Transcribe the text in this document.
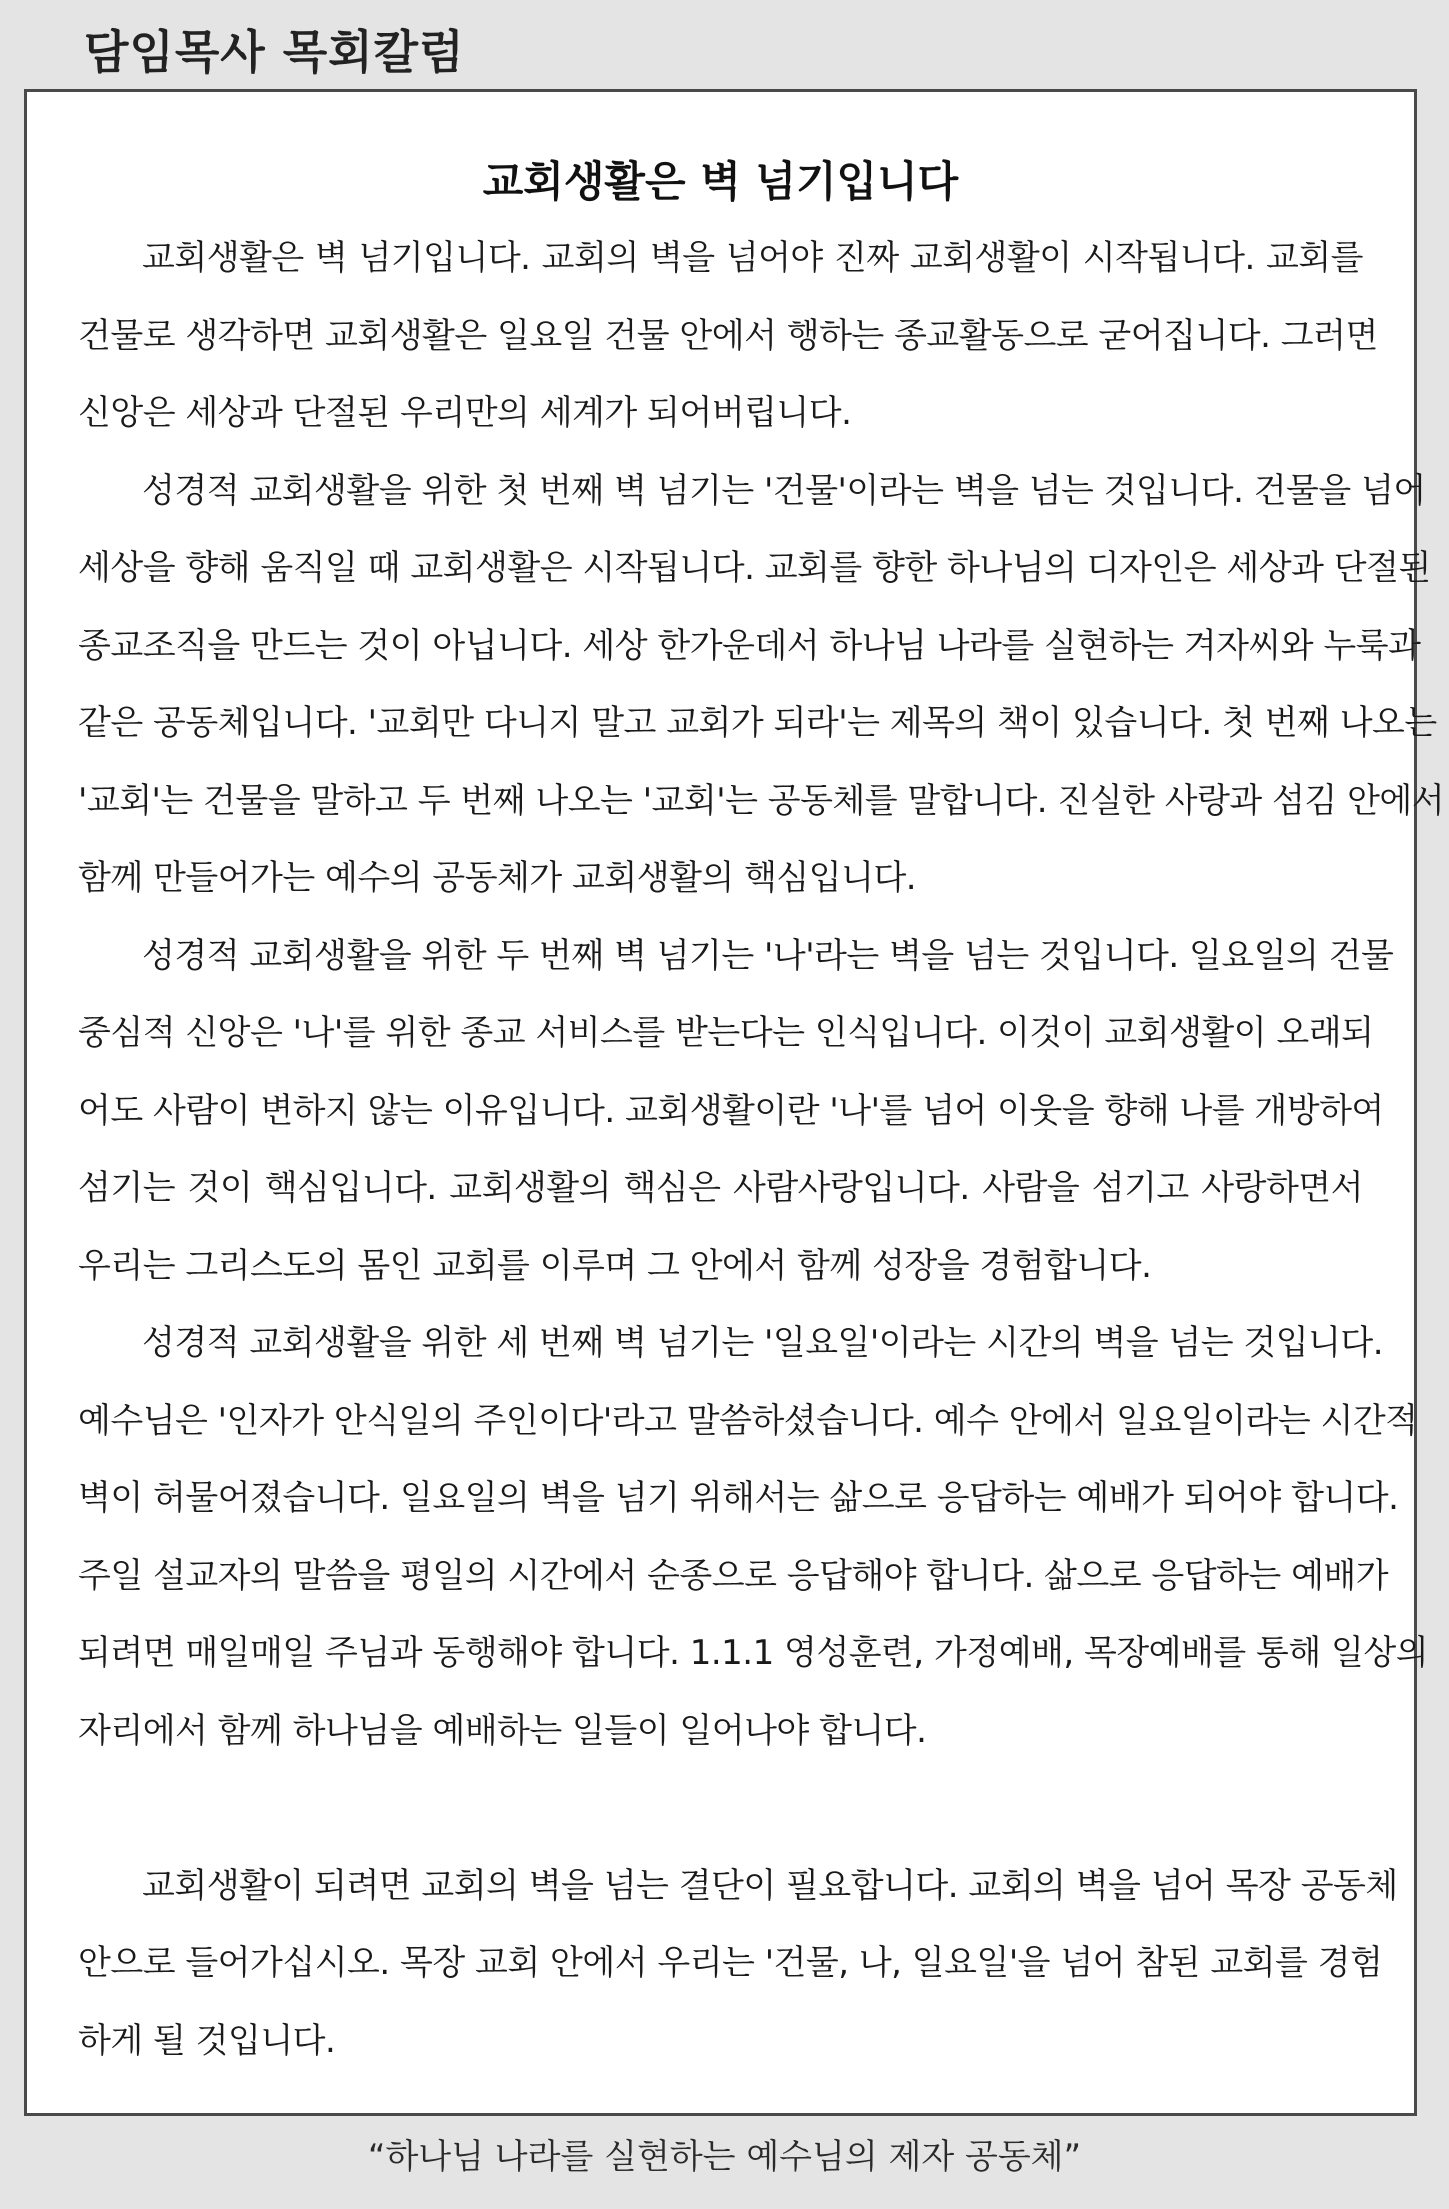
담임목사 목회칼럼
교회생활은 벽 넘기입니다
교회생활은 벽 넘기입니다. 교회의 벽을 넘어야 진짜 교회생활이 시작됩니다. 교회를
건물로 생각하면 교회생활은 일요일 건물 안에서 행하는 종교활동으로 굳어집니다. 그러면
신앙은 세상과 단절된 우리만의 세계가 되어버립니다.
성경적 교회생활을 위한 첫 번째 벽 넘기는 '건물'이라는 벽을 넘는 것입니다. 건물을 넘어
세상을 향해 움직일 때 교회생활은 시작됩니다. 교회를 향한 하나님의 디자인은 세상과 단절된
종교조직을 만드는 것이 아닙니다. 세상 한가운데서 하나님 나라를 실현하는 겨자씨와 누룩과
같은 공동체입니다. '교회만 다니지 말고 교회가 되라'는 제목의 책이 있습니다. 첫 번째 나오는
'교회'는 건물을 말하고 두 번째 나오는 '교회'는 공동체를 말합니다. 진실한 사랑과 섬김 안에서
함께 만들어가는 예수의 공동체가 교회생활의 핵심입니다.
성경적 교회생활을 위한 두 번째 벽 넘기는 '나'라는 벽을 넘는 것입니다. 일요일의 건물
중심적 신앙은 '나'를 위한 종교 서비스를 받는다는 인식입니다. 이것이 교회생활이 오래되
어도 사람이 변하지 않는 이유입니다. 교회생활이란 '나'를 넘어 이웃을 향해 나를 개방하여
섬기는 것이 핵심입니다. 교회생활의 핵심은 사람사랑입니다. 사람을 섬기고 사랑하면서
우리는 그리스도의 몸인 교회를 이루며 그 안에서 함께 성장을 경험합니다.
성경적 교회생활을 위한 세 번째 벽 넘기는 '일요일'이라는 시간의 벽을 넘는 것입니다.
예수님은 '인자가 안식일의 주인이다'라고 말씀하셨습니다. 예수 안에서 일요일이라는 시간적
벽이 허물어졌습니다. 일요일의 벽을 넘기 위해서는 삶으로 응답하는 예배가 되어야 합니다.
주일 설교자의 말씀을 평일의 시간에서 순종으로 응답해야 합니다. 삶으로 응답하는 예배가
되려면 매일매일 주님과 동행해야 합니다. 1.1.1 영성훈련, 가정예배, 목장예배를 통해 일상의
자리에서 함께 하나님을 예배하는 일들이 일어나야 합니다.
교회생활이 되려면 교회의 벽을 넘는 결단이 필요합니다. 교회의 벽을 넘어 목장 공동체
안으로 들어가십시오. 목장 교회 안에서 우리는 '건물, 나, 일요일'을 넘어 참된 교회를 경험
하게 될 것입니다.
“하나님 나라를 실현하는 예수님의 제자 공동체”
